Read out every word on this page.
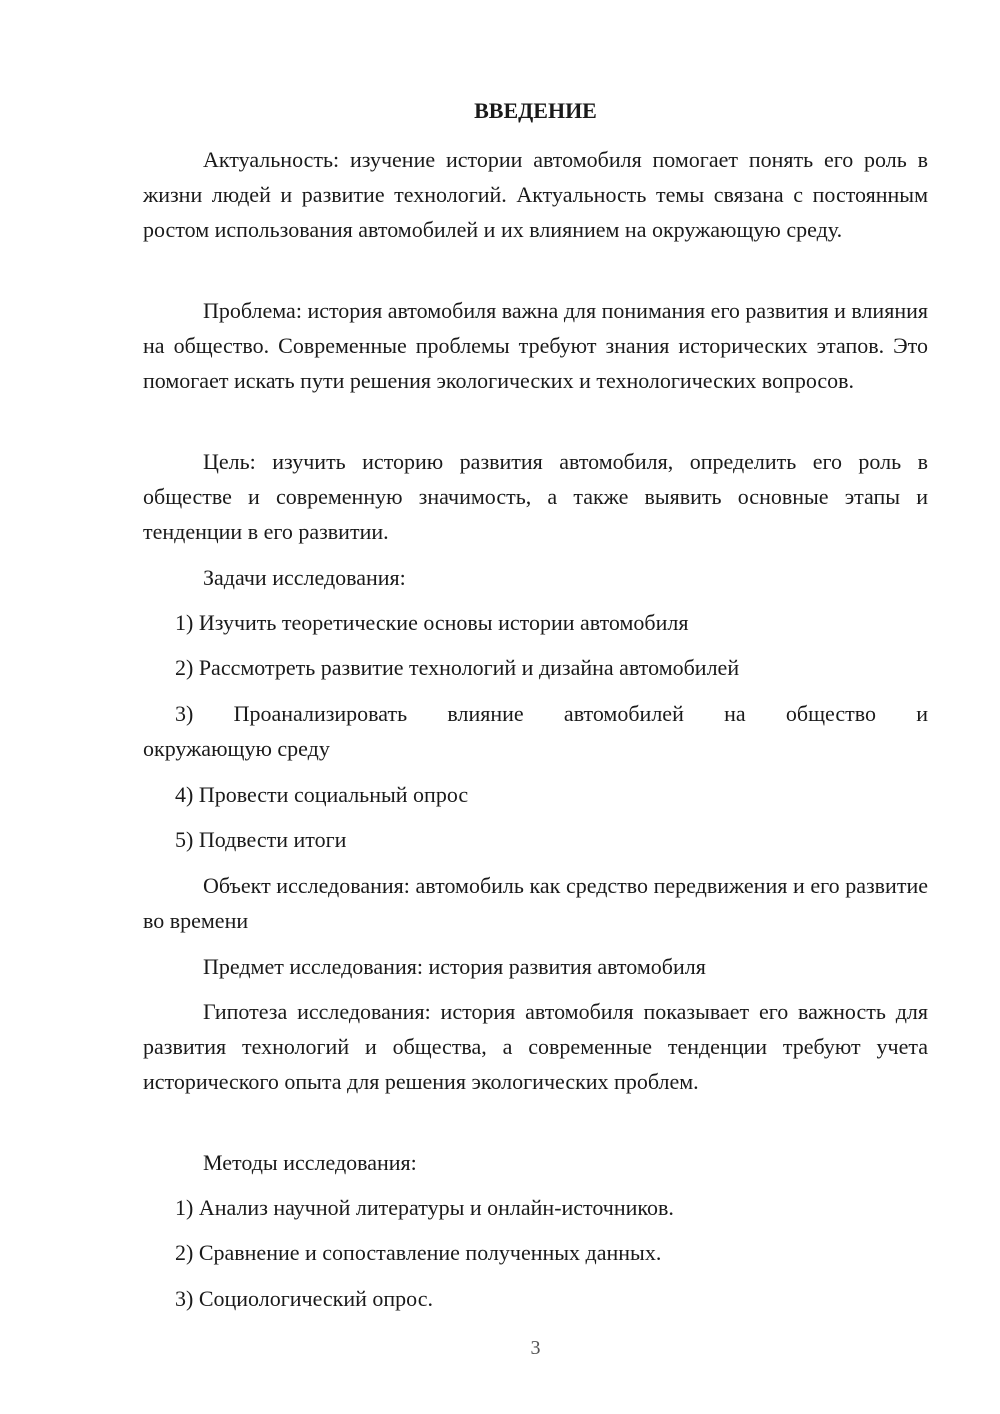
ВВЕДЕНИЕ

Актуальность: изучение истории автомобиля помогает понять его роль в жизни людей и развитие технологий. Актуальность темы связана с постоянным ростом использования автомобилей и их влиянием на окружающую среду.

Проблема: история автомобиля важна для понимания его развития и влияния на общество. Современные проблемы требуют знания исторических этапов. Это помогает искать пути решения экологических и технологических вопросов.

Цель: изучить историю развития автомобиля, определить его роль в обществе и современную значимость, а также выявить основные этапы и тенденции в его развитии.

Задачи исследования:

1) Изучить теоретические основы истории автомобиля

2) Рассмотреть развитие технологий и дизайна автомобилей

3) Проанализировать влияние автомобилей на общество и
окружающую среду

4) Провести социальный опрос

5) Подвести итоги

Объект исследования: автомобиль как средство передвижения и его развитие во времени

Предмет исследования: история развития автомобиля

Гипотеза исследования: история автомобиля показывает его важность для развития технологий и общества, а современные тенденции требуют учета исторического опыта для решения экологических проблем.

Методы исследования:

1) Анализ научной литературы и онлайн-источников.

2) Сравнение и сопоставление полученных данных.

3) Социологический опрос.

3
